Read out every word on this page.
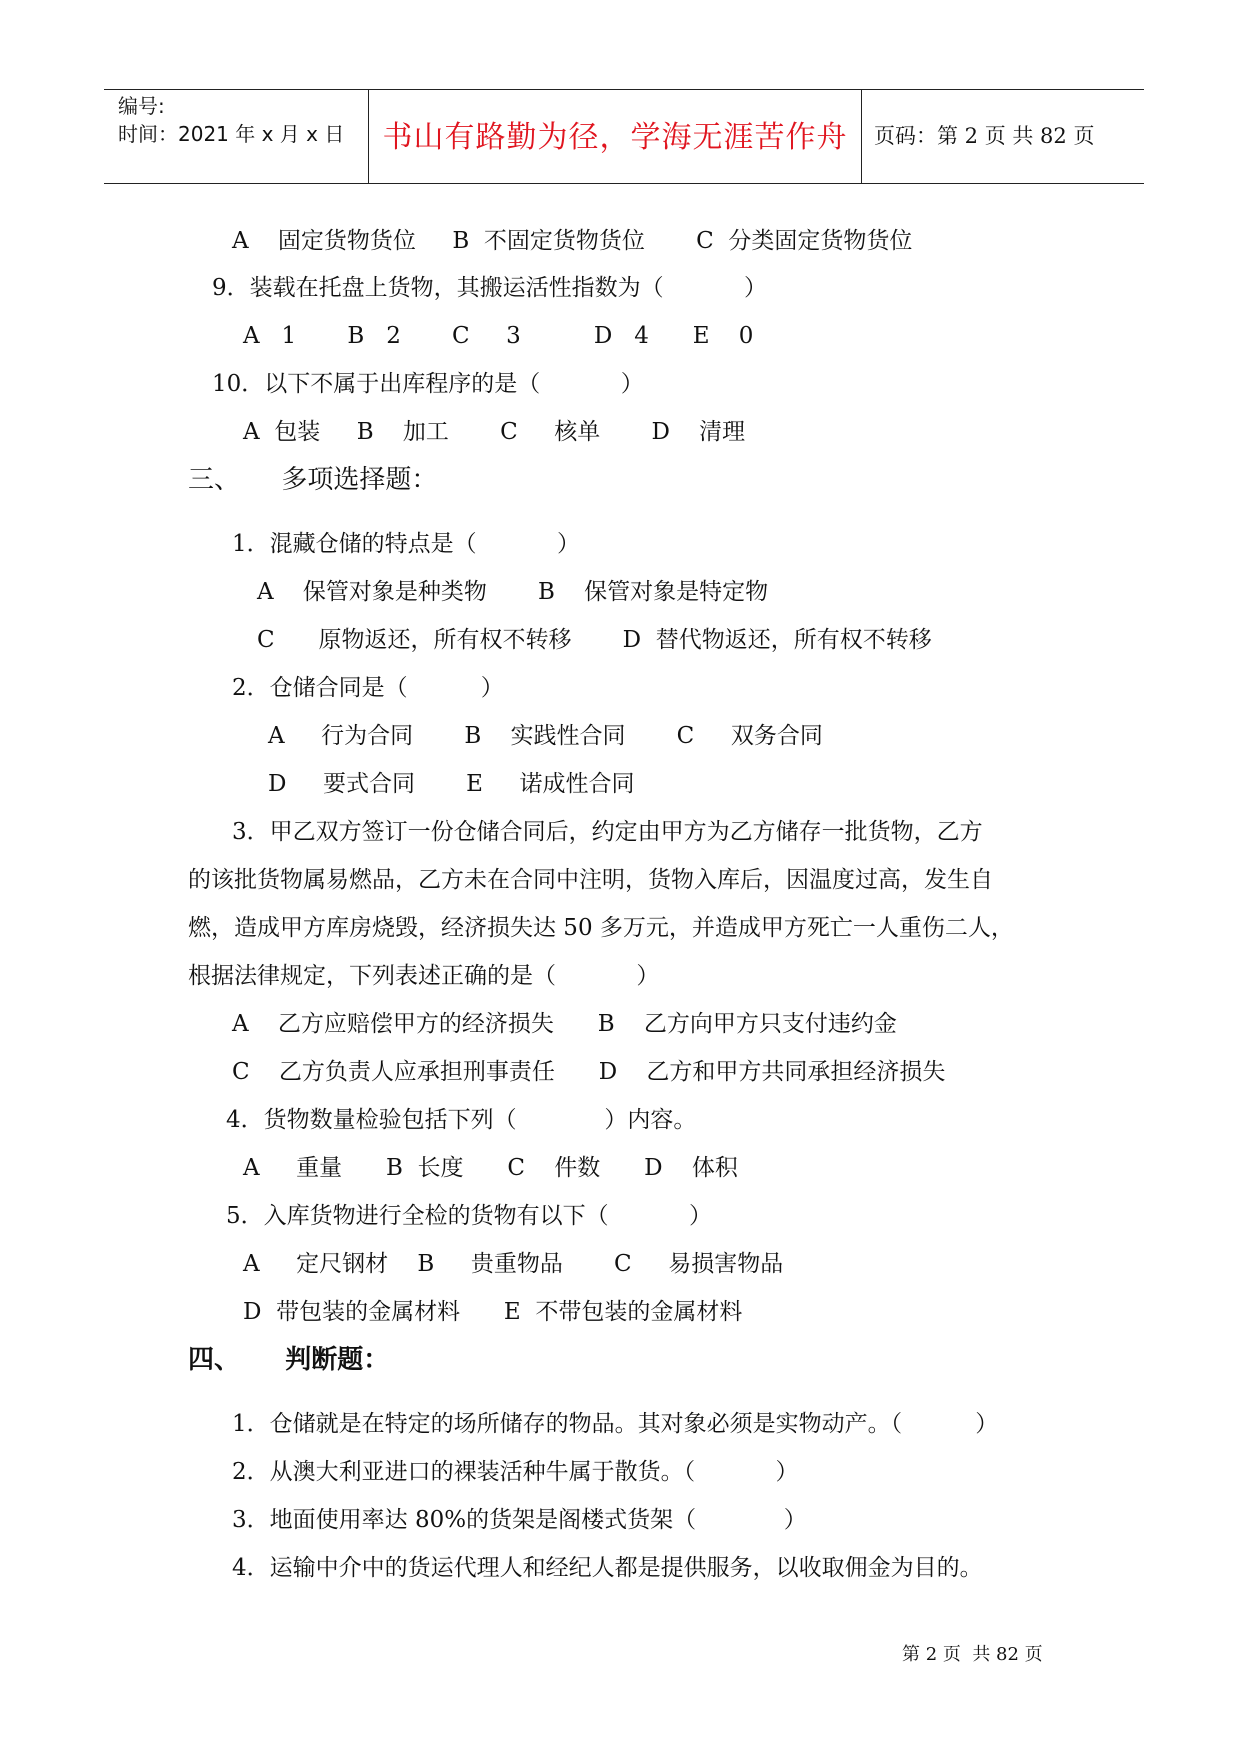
编号:
时间：2021 年 x 月 x 日	书山有路勤为径，学海无涯苦作舟	页码：第 2 页 共 82 页
A    固定货物货位     B  不固定货物货位       C  分类固定货物货位
9．装载在托盘上货物，其搬运活性指数为（           ）
A   1       B   2       C     3          D   4      E    0
10．以下不属于出库程序的是（           ）
A  包装     B    加工       C     核单       D    清理
三、     多项选择题：
1．混藏仓储的特点是（           ）
A    保管对象是种类物       B    保管对象是特定物
C      原物返还，所有权不转移       D  替代物返还，所有权不转移
2．仓储合同是（          ）
A     行为合同       B    实践性合同       C     双务合同
D     要式合同       E     诺成性合同
3．甲乙双方签订一份仓储合同后，约定由甲方为乙方储存一批货物，乙方
的该批货物属易燃品，乙方未在合同中注明，货物入库后，因温度过高，发生自
燃，造成甲方库房烧毁，经济损失达 50 多万元，并造成甲方死亡一人重伤二人，
根据法律规定，下列表述正确的是（           ）
A    乙方应赔偿甲方的经济损失      B    乙方向甲方只支付违约金
C    乙方负责人应承担刑事责任      D    乙方和甲方共同承担经济损失
4．货物数量检验包括下列（            ）内容。
A     重量      B  长度      C    件数      D    体积
5．入库货物进行全检的货物有以下（           ）
A     定尺钢材    B     贵重物品       C     易损害物品
D  带包装的金属材料      E  不带包装的金属材料
四、     判断题：
1．仓储就是在特定的场所储存的物品。其对象必须是实物动产。（          ）
2．从澳大利亚进口的裸装活种牛属于散货。（           ）
3．地面使用率达 80%的货架是阁楼式货架（            ）
4．运输中介中的货运代理人和经纪人都是提供服务，以收取佣金为目的。
第 2 页  共 82 页
